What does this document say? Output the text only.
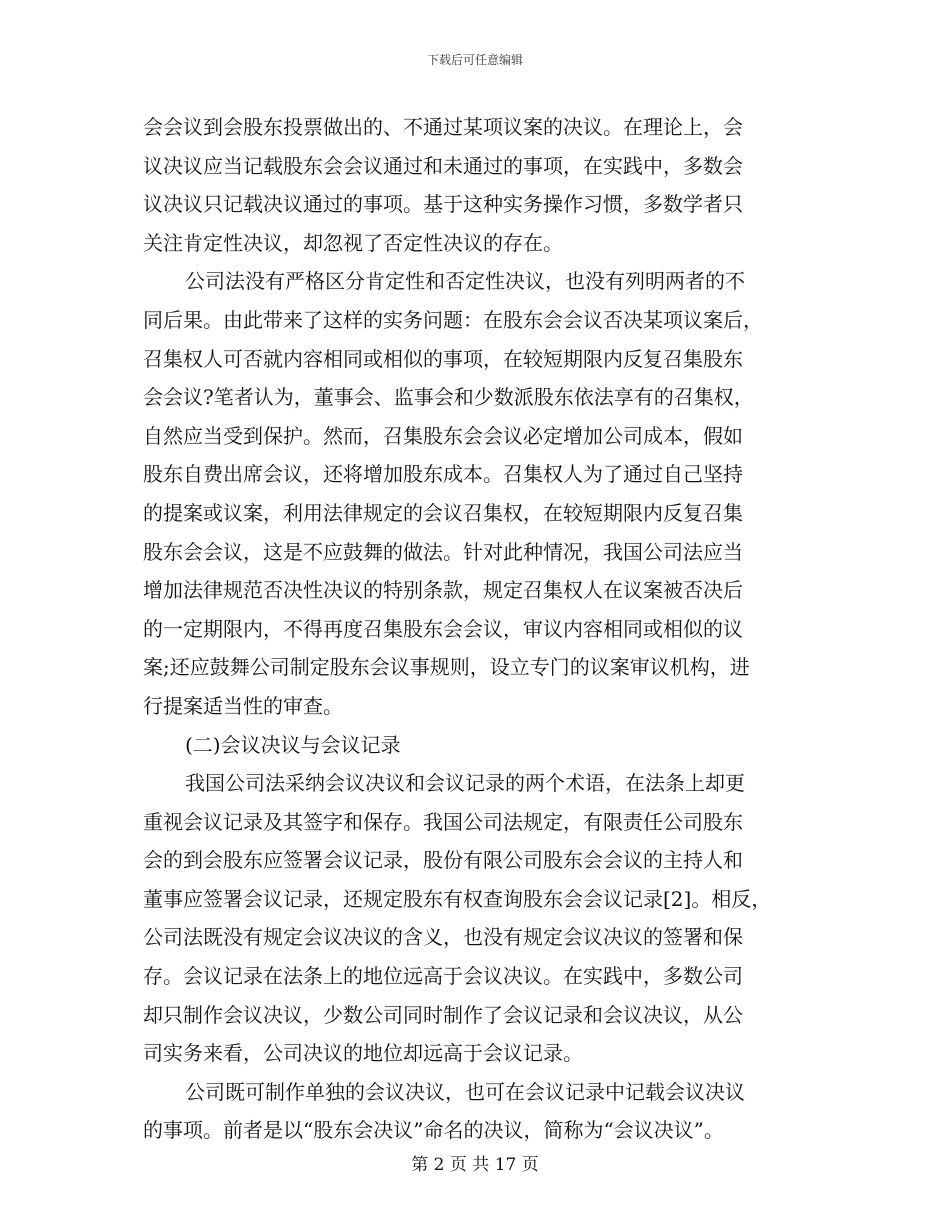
下载后可任意编辑
会会议到会股东投票做出的、不通过某项议案的决议。在理论上，会
议决议应当记载股东会会议通过和未通过的事项，在实践中，多数会
议决议只记载决议通过的事项。基于这种实务操作习惯，多数学者只
关注肯定性决议，却忽视了否定性决议的存在。
公司法没有严格区分肯定性和否定性决议，也没有列明两者的不
同后果。由此带来了这样的实务问题：在股东会会议否决某项议案后，
召集权人可否就内容相同或相似的事项，在较短期限内反复召集股东
会会议?笔者认为，董事会、监事会和少数派股东依法享有的召集权，
自然应当受到保护。然而，召集股东会会议必定增加公司成本，假如
股东自费出席会议，还将增加股东成本。召集权人为了通过自己坚持
的提案或议案，利用法律规定的会议召集权，在较短期限内反复召集
股东会会议，这是不应鼓舞的做法。针对此种情况，我国公司法应当
增加法律规范否决性决议的特别条款，规定召集权人在议案被否决后
的一定期限内，不得再度召集股东会会议，审议内容相同或相似的议
案;还应鼓舞公司制定股东会议事规则，设立专门的议案审议机构，进
行提案适当性的审查。
(二)会议决议与会议记录
我国公司法采纳会议决议和会议记录的两个术语，在法条上却更
重视会议记录及其签字和保存。我国公司法规定，有限责任公司股东
会的到会股东应签署会议记录，股份有限公司股东会会议的主持人和
董事应签署会议记录，还规定股东有权查询股东会会议记录[2]。相反，
公司法既没有规定会议决议的含义，也没有规定会议决议的签署和保
存。会议记录在法条上的地位远高于会议决议。在实践中，多数公司
却只制作会议决议，少数公司同时制作了会议记录和会议决议，从公
司实务来看，公司决议的地位却远高于会议记录。
公司既可制作单独的会议决议，也可在会议记录中记载会议决议
的事项。前者是以“股东会决议”命名的决议，简称为“会议决议”。
第 2 页 共 17 页
